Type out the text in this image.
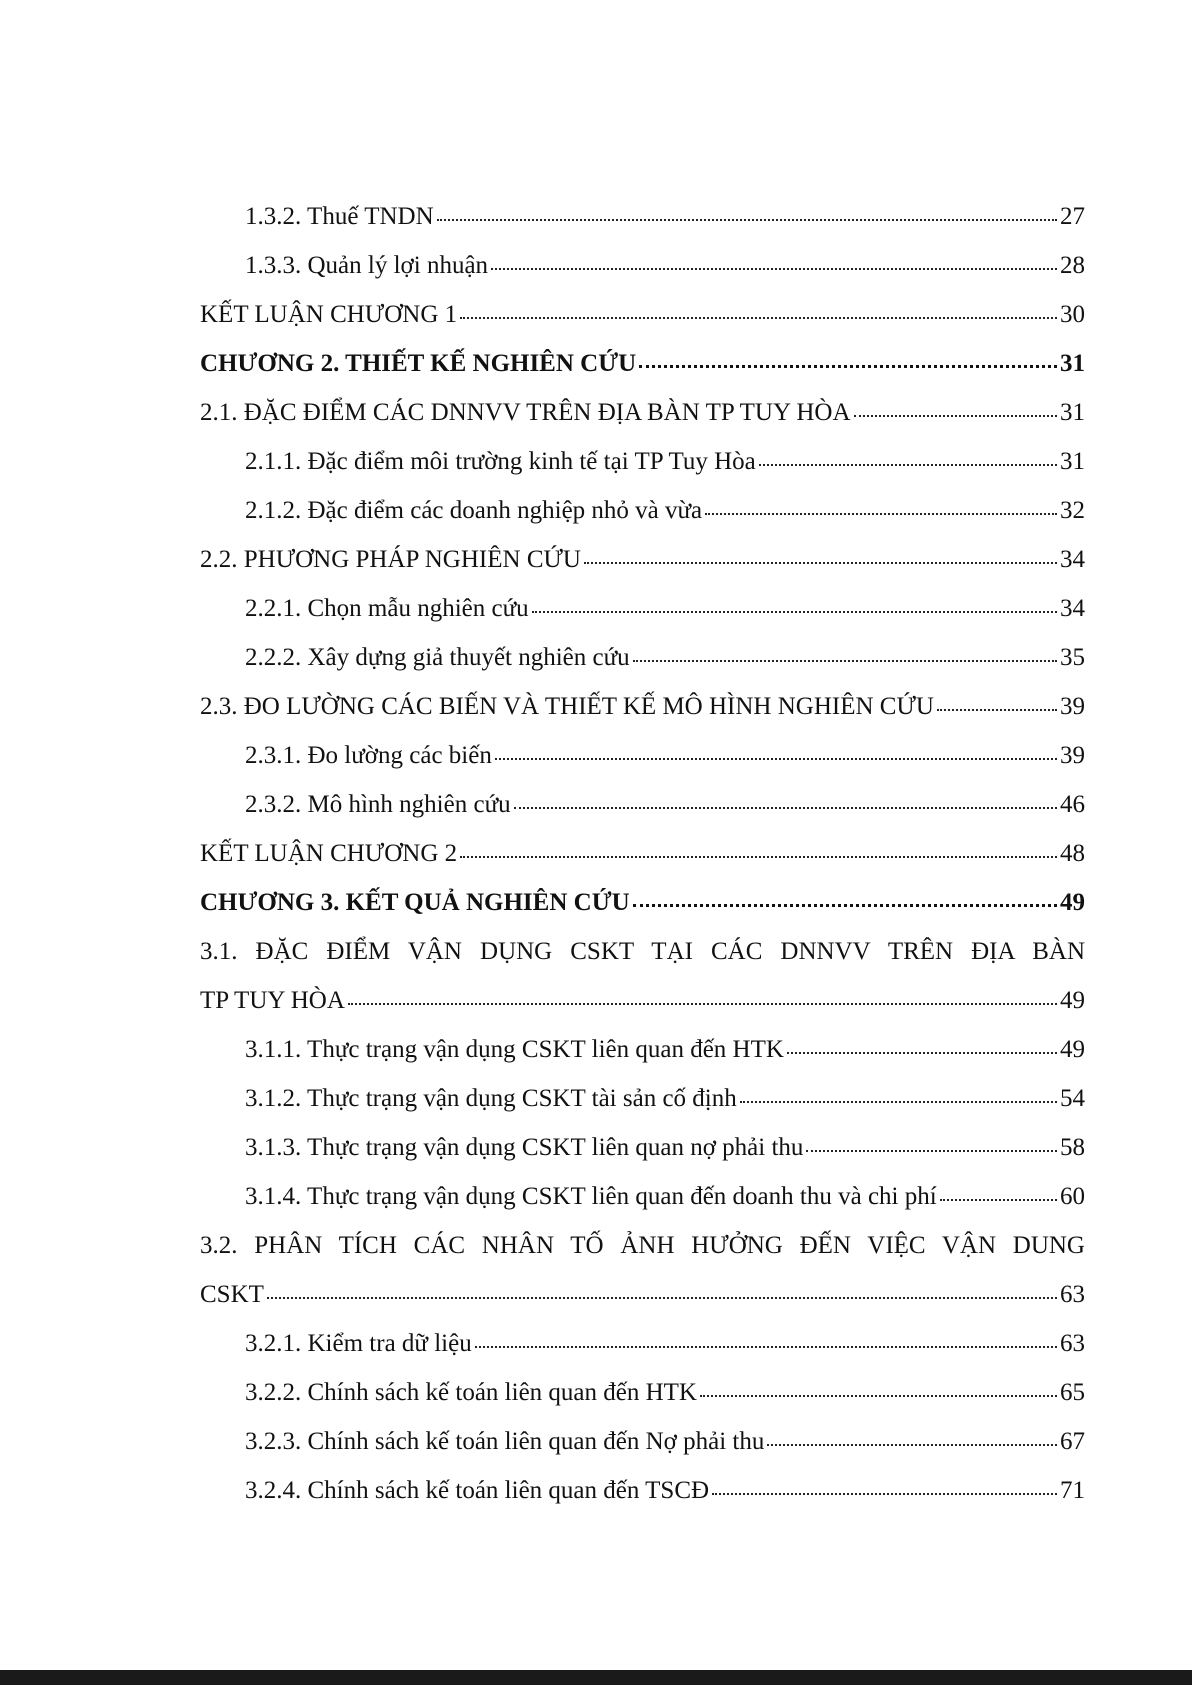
1.3.2. Thuế TNDN	27
1.3.3. Quản lý lợi nhuận	28
KẾT LUẬN CHƯƠNG 1	30
CHƯƠNG 2. THIẾT KẾ NGHIÊN CỨU	31
2.1. ĐẶC ĐIỂM CÁC DNNVV TRÊN ĐỊA BÀN TP TUY HÒA	31
2.1.1. Đặc điểm môi trường kinh tế tại TP Tuy Hòa	31
2.1.2. Đặc điểm các doanh nghiệp nhỏ và vừa	32
2.2. PHƯƠNG PHÁP NGHIÊN CỨU	34
2.2.1. Chọn mẫu nghiên cứu	34
2.2.2. Xây dựng giả thuyết nghiên cứu	35
2.3. ĐO LƯỜNG CÁC BIẾN VÀ THIẾT KẾ MÔ HÌNH NGHIÊN CỨU	39
2.3.1. Đo lường các biến	39
2.3.2. Mô hình nghiên cứu	46
KẾT LUẬN CHƯƠNG 2	48
CHƯƠNG 3. KẾT QUẢ NGHIÊN CỨU	49
3.1. ĐẶC ĐIỂM VẬN DỤNG CSKT TẠI CÁC DNNVV TRÊN ĐỊA BÀN
TP TUY HÒA	49
3.1.1. Thực trạng vận dụng CSKT liên quan đến HTK	49
3.1.2. Thực trạng vận dụng CSKT tài sản cố định	54
3.1.3. Thực trạng vận dụng CSKT liên quan nợ phải thu	58
3.1.4. Thực trạng vận dụng CSKT liên quan đến doanh thu và chi phí	60
3.2. PHÂN TÍCH CÁC NHÂN TỐ ẢNH HƯỞNG ĐẾN VIỆC VẬN DUNG
CSKT	63
3.2.1. Kiểm tra dữ liệu	63
3.2.2. Chính sách kế toán liên quan đến HTK	65
3.2.3. Chính sách kế toán liên quan đến Nợ phải thu	67
3.2.4. Chính sách kế toán liên quan đến TSCĐ	71
